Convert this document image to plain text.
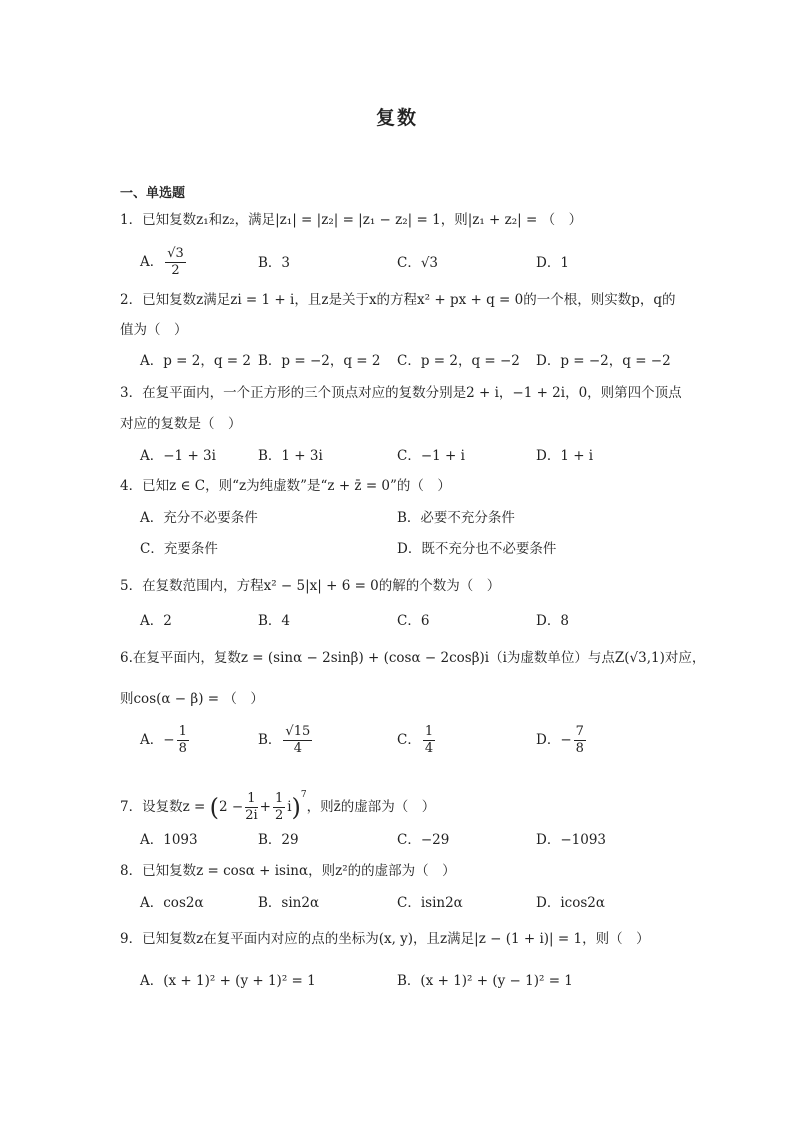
复数
一、单选题
1．已知复数z₁和z₂，满足|z₁| = |z₂| = |z₁ − z₂| = 1，则|z₁ + z₂| = （　）
A． $\frac{√3}{2}$	B．3	C．√3	D．1
2．已知复数z满足zi = 1 + i，且z是关于x的方程x² + px + q = 0的一个根，则实数p，q的
值为（　）
A．p = 2，q = 2 B．p = −2，q = 2 C．p = 2，q = −2 D．p = −2，q = −2
3．在复平面内，一个正方形的三个顶点对应的复数分别是2 + i，−1 + 2i，0，则第四个顶点
对应的复数是（　）
A．−1 + 3i	B．1 + 3i	C．−1 + i	D．1 + i
4．已知z ∈ C，则“z为纯虚数”是“z + z̄ = 0”的（　）
A．充分不必要条件	B．必要不充分条件
C．充要条件	D．既不充分也不必要条件
5．在复数范围内，方程x² − 5|x| + 6 = 0的解的个数为（　）
A．2	B．4	C．6	D．8
6.在复平面内，复数z = (sinα − 2sinβ) + (cosα − 2cosβ)i（i为虚数单位）与点Z(√3,1)对应，
则cos(α − β) = （　）
A．− $\frac{1}{8}$	B． $\frac{√15}{4}$	C． $\frac{1}{4}$	D．− $\frac{7}{8}$
7．设复数$z = (2 - \frac{1}{2i} + \frac{1}{2} i)^7$，则z̄的虚部为（　）
A．1093	B．29	C．−29	D．−1093
8．已知复数z = cosα + isinα，则z²的的虚部为（　）
A．cos2α	B．sin2α	C．isin2α	D．icos2α
9．已知复数z在复平面内对应的点的坐标为(x, y)，且z满足|z − (1 + i)| = 1，则（　）
A．(x + 1)² + (y + 1)² = 1	B．(x + 1)² + (y − 1)² = 1
